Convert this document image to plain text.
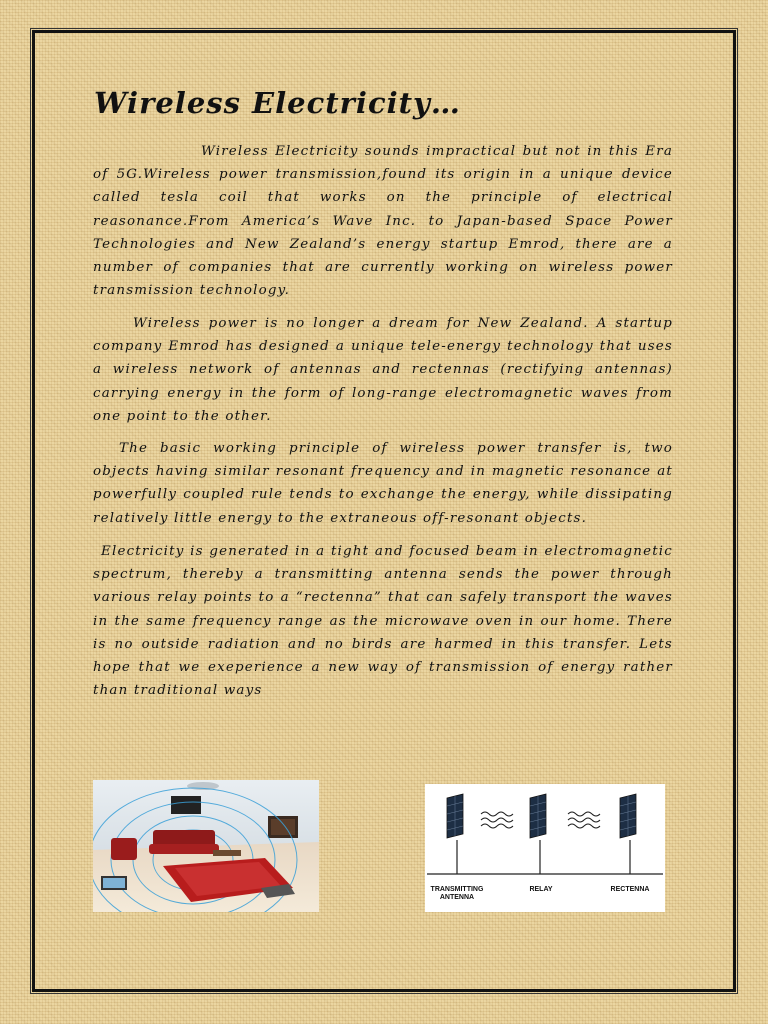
Wireless Electricity…

Wireless Electricity sounds impractical but not in this Era of 5G.Wireless power transmission,found its origin in a unique device called tesla coil that works on the principle of electrical reasonance.From America’s Wave Inc. to Japan-based Space Power Technologies and New Zealand’s energy startup Emrod, there are a number of companies that are currently working on wireless power transmission technology.

Wireless power is no longer a dream for New Zealand. A startup company Emrod has designed a unique tele-energy technology that uses a wireless network of antennas and rectennas (rectifying antennas) carrying energy in the form of long-range electromagnetic waves from one point to the other.

The basic working principle of wireless power transfer is, two objects having similar resonant frequency and in magnetic resonance at powerfully coupled rule tends to exchange the energy, while dissipating relatively little energy to the extraneous off-resonant objects.

Electricity is generated in a tight and focused beam in electromagnetic spectrum, thereby a transmitting antenna sends the power through various relay points to a “rectenna” that can safely transport the waves in the same frequency range as the microwave oven in our home. There is no outside radiation and no birds are harmed in this transfer. Lets hope that we exeperience a new way of transmission of energy rather than traditional ways

TRANSMITTING
ANTENNA
RELAY	RECTENNA
